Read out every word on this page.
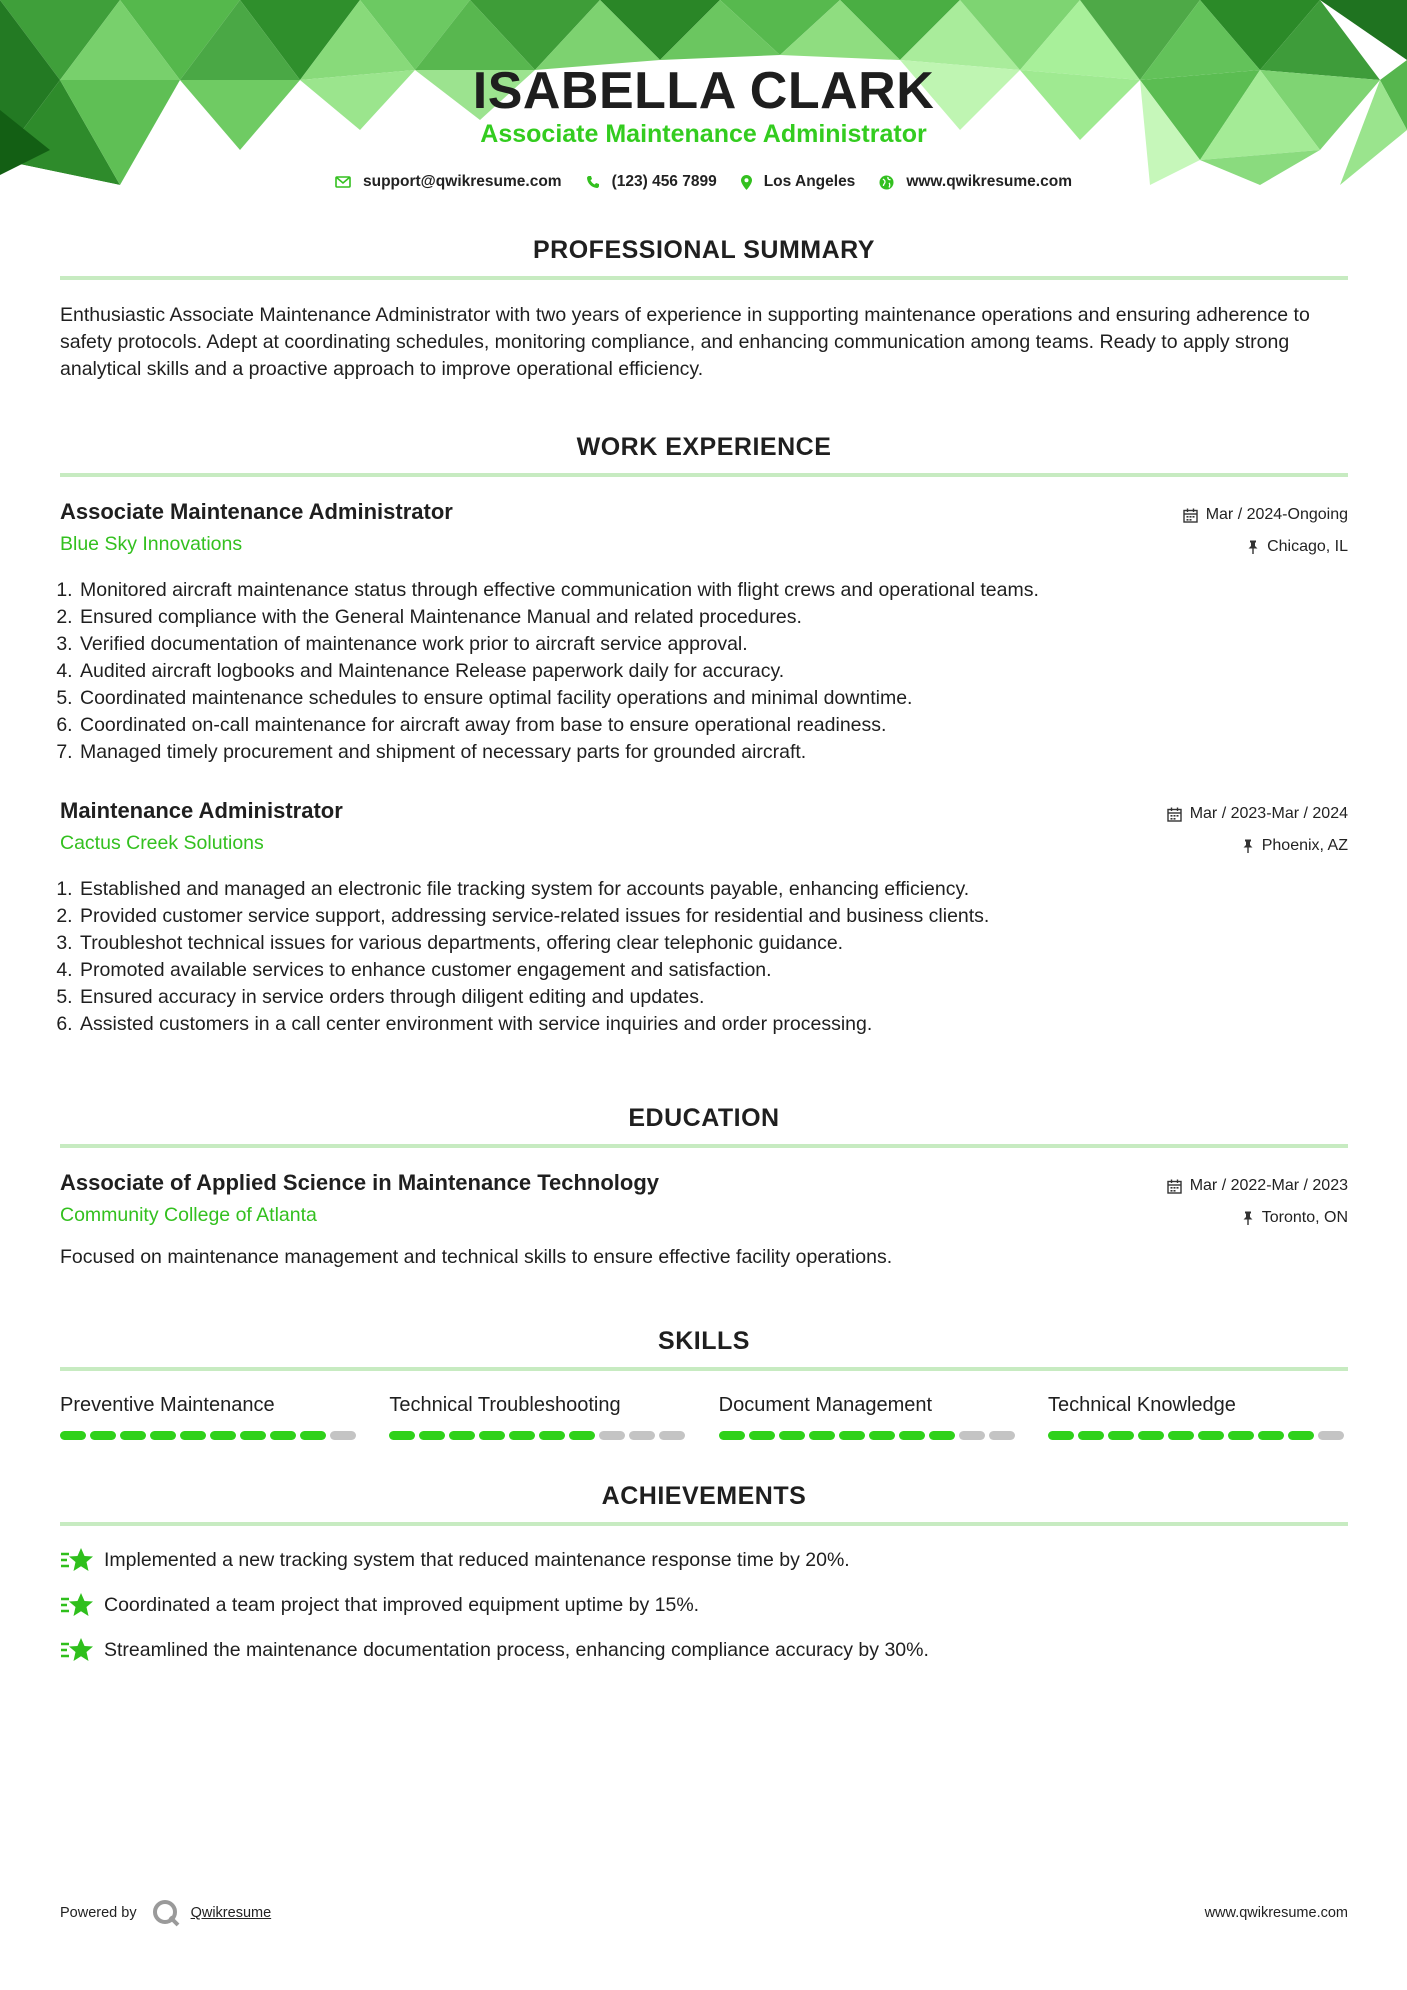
ISABELLA CLARK
Associate Maintenance Administrator
support@qwikresume.com	(123) 456 7899	Los Angeles	www.qwikresume.com
PROFESSIONAL SUMMARY

Enthusiastic Associate Maintenance Administrator with two years of experience in supporting maintenance operations and ensuring adherence to safety protocols. Adept at coordinating schedules, monitoring compliance, and enhancing communication among teams. Ready to apply strong analytical skills and a proactive approach to improve operational efficiency.

WORK EXPERIENCE
Associate Maintenance Administrator
Blue Sky Innovations
Mar / 2024-Ongoing
Chicago, IL
1. Monitored aircraft maintenance status through effective communication with flight crews and operational teams.
2. Ensured compliance with the General Maintenance Manual and related procedures.
3. Verified documentation of maintenance work prior to aircraft service approval.
4. Audited aircraft logbooks and Maintenance Release paperwork daily for accuracy.
5. Coordinated maintenance schedules to ensure optimal facility operations and minimal downtime.
6. Coordinated on-call maintenance for aircraft away from base to ensure operational readiness.
7. Managed timely procurement and shipment of necessary parts for grounded aircraft.
Maintenance Administrator
Cactus Creek Solutions
Mar / 2023-Mar / 2024
Phoenix, AZ
1. Established and managed an electronic file tracking system for accounts payable, enhancing efficiency.
2. Provided customer service support, addressing service-related issues for residential and business clients.
3. Troubleshot technical issues for various departments, offering clear telephonic guidance.
4. Promoted available services to enhance customer engagement and satisfaction.
5. Ensured accuracy in service orders through diligent editing and updates.
6. Assisted customers in a call center environment with service inquiries and order processing.
EDUCATION
Associate of Applied Science in Maintenance Technology
Community College of Atlanta
Mar / 2022-Mar / 2023
Toronto, ON
Focused on maintenance management and technical skills to ensure effective facility operations.
SKILLS
Preventive Maintenance	Technical Troubleshooting	Document Management	Technical Knowledge
ACHIEVEMENTS
Implemented a new tracking system that reduced maintenance response time by 20%.
Coordinated a team project that improved equipment uptime by 15%.
Streamlined the maintenance documentation process, enhancing compliance accuracy by 30%.
Powered by	Qwikresume	www.qwikresume.com
